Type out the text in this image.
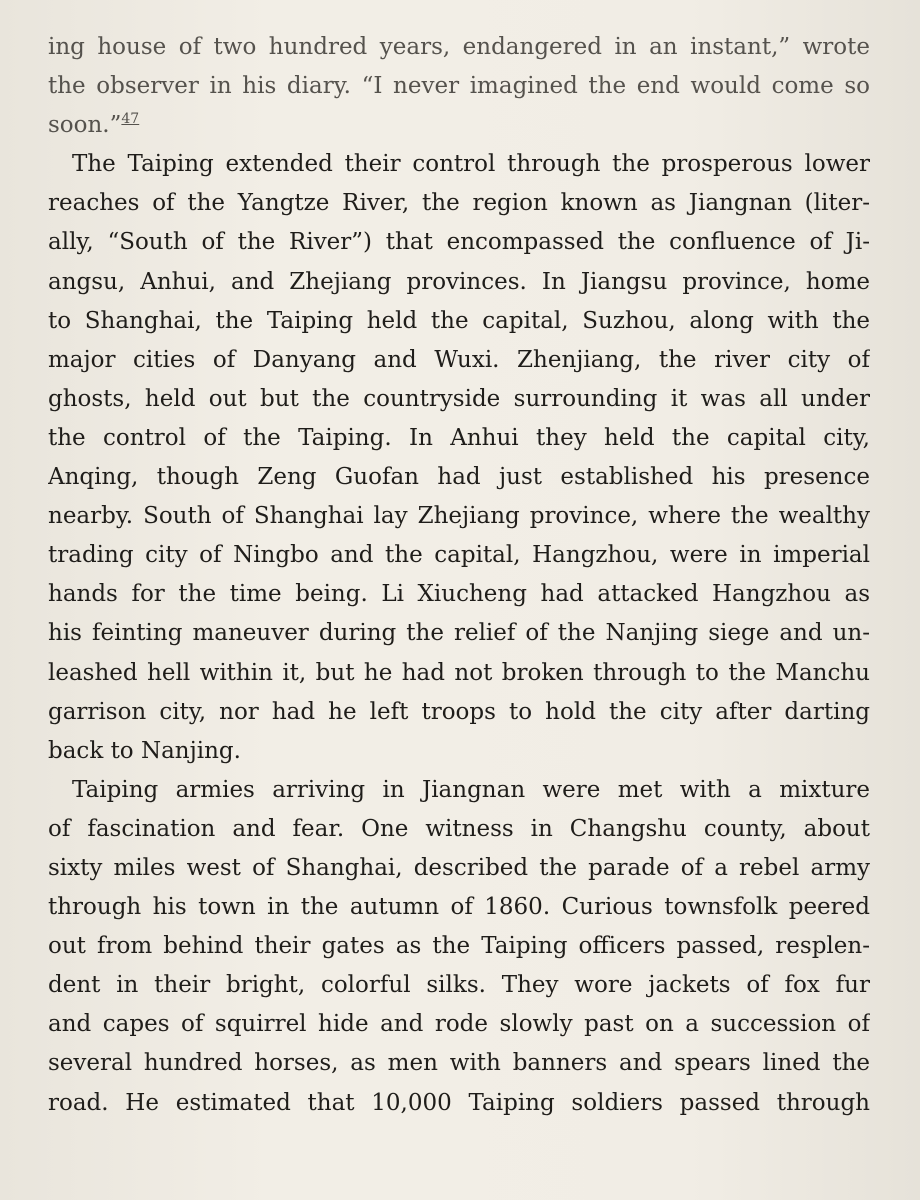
ing house of two hundred years, endangered in an instant,” wrote
the observer in his diary. “I never imagined the end would come so
soon.”$^{47}$
The Taiping extended their control through the prosperous lower
reaches of the Yangtze River, the region known as Jiangnan (liter-
ally, “South of the River”) that encompassed the confluence of Ji-
angsu, Anhui, and Zhejiang provinces. In Jiangsu province, home
to Shanghai, the Taiping held the capital, Suzhou, along with the
major cities of Danyang and Wuxi. Zhenjiang, the river city of
ghosts, held out but the countryside surrounding it was all under
the control of the Taiping. In Anhui they held the capital city,
Anqing, though Zeng Guofan had just established his presence
nearby. South of Shanghai lay Zhejiang province, where the wealthy
trading city of Ningbo and the capital, Hangzhou, were in imperial
hands for the time being. Li Xiucheng had attacked Hangzhou as
his feinting maneuver during the relief of the Nanjing siege and un-
leashed hell within it, but he had not broken through to the Manchu
garrison city, nor had he left troops to hold the city after darting
back to Nanjing.
Taiping armies arriving in Jiangnan were met with a mixture
of fascination and fear. One witness in Changshu county, about
sixty miles west of Shanghai, described the parade of a rebel army
through his town in the autumn of 1860. Curious townsfolk peered
out from behind their gates as the Taiping officers passed, resplen-
dent in their bright, colorful silks. They wore jackets of fox fur
and capes of squirrel hide and rode slowly past on a succession of
several hundred horses, as men with banners and spears lined the
road. He estimated that 10,000 Taiping soldiers passed through
